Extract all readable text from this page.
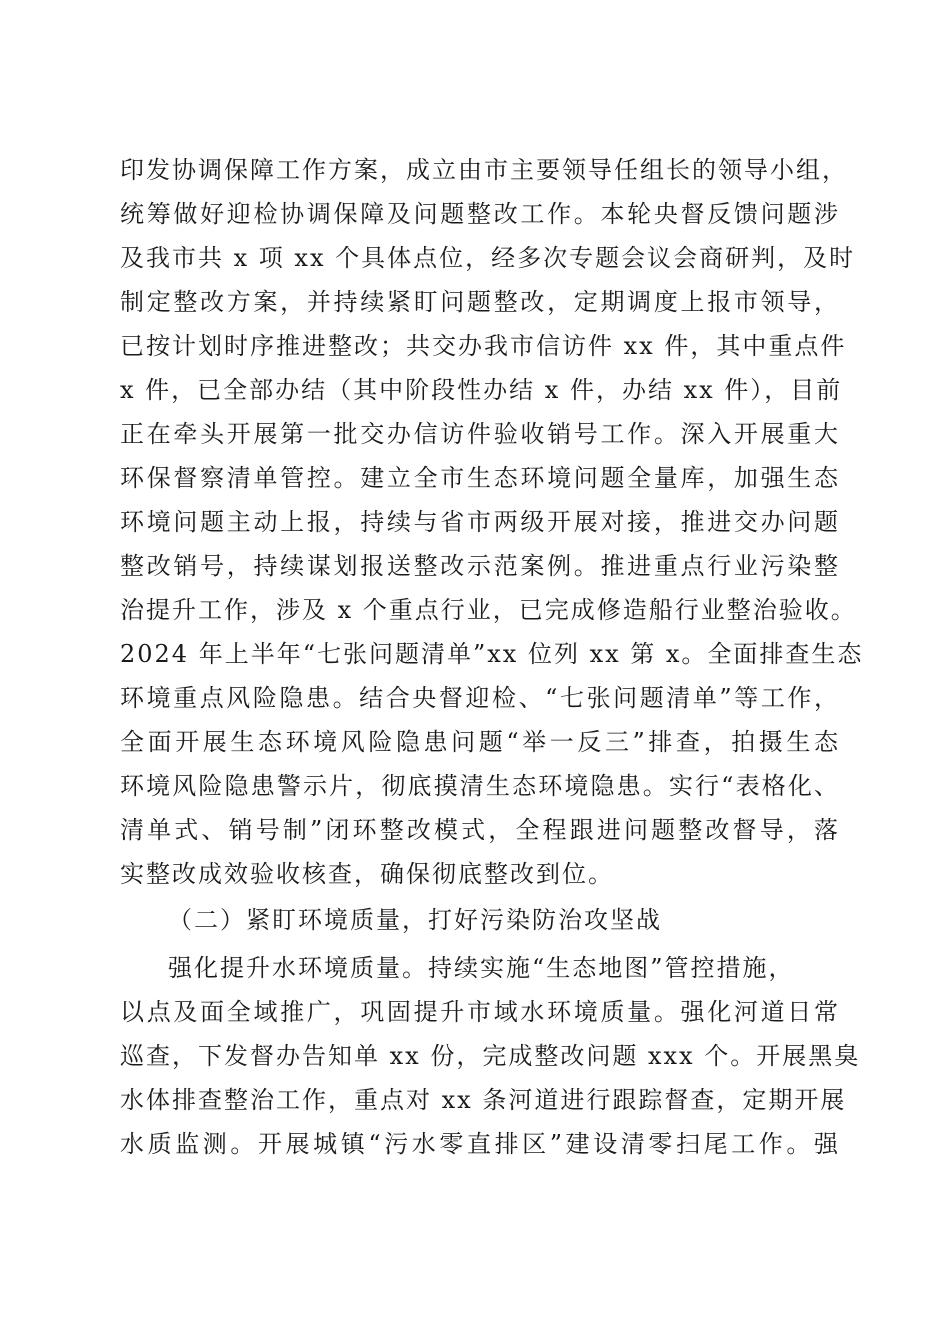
印发协调保障工作方案，成立由市主要领导任组长的领导小组，
统筹做好迎检协调保障及问题整改工作。本轮央督反馈问题涉
及我市共 x 项 xx 个具体点位，经多次专题会议会商研判，及时
制定整改方案，并持续紧盯问题整改，定期调度上报市领导，
已按计划时序推进整改；共交办我市信访件 xx 件，其中重点件
x 件，已全部办结（其中阶段性办结 x 件，办结 xx 件），目前
正在牵头开展第一批交办信访件验收销号工作。深入开展重大
环保督察清单管控。建立全市生态环境问题全量库，加强生态
环境问题主动上报，持续与省市两级开展对接，推进交办问题
整改销号，持续谋划报送整改示范案例。推进重点行业污染整
治提升工作，涉及 x 个重点行业，已完成修造船行业整治验收。
2024 年上半年“七张问题清单”xx 位列 xx 第 x。全面排查生态
环境重点风险隐患。结合央督迎检、“七张问题清单”等工作，
全面开展生态环境风险隐患问题“举一反三”排查，拍摄生态
环境风险隐患警示片，彻底摸清生态环境隐患。实行“表格化、
清单式、销号制”闭环整改模式，全程跟进问题整改督导，落
实整改成效验收核查，确保彻底整改到位。
（二）紧盯环境质量，打好污染防治攻坚战
强化提升水环境质量。持续实施“生态地图”管控措施，
以点及面全域推广，巩固提升市域水环境质量。强化河道日常
巡查，下发督办告知单 xx 份，完成整改问题 xxx 个。开展黑臭
水体排查整治工作，重点对 xx 条河道进行跟踪督查，定期开展
水质监测。开展城镇“污水零直排区”建设清零扫尾工作。强
